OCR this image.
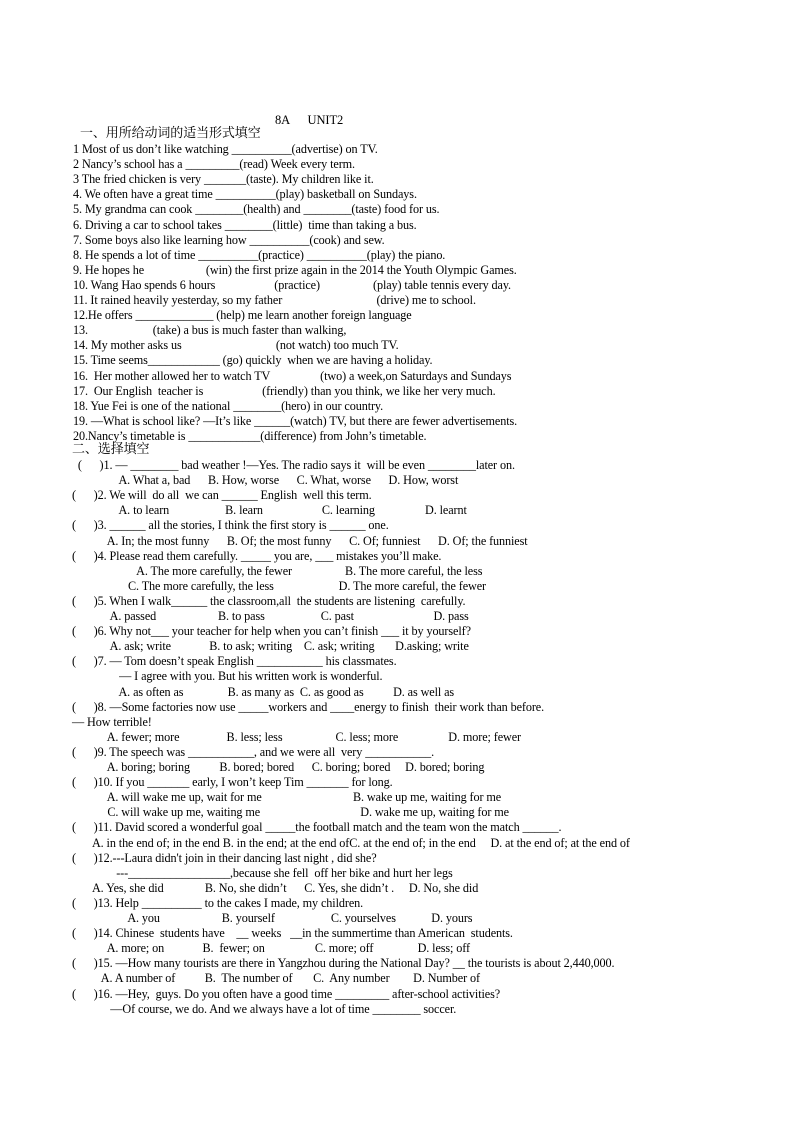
8A      UNIT2
一、用所给动词的适当形式填空
1 Most of us don’t like watching __________(advertise) on TV.
2 Nancy’s school has a _________(read) Week every term.
3 The fried chicken is very _______(taste). My children like it.
4. We often have a great time __________(play) basketball on Sundays.
5. My grandma can cook ________(health) and ________(taste) food for us.
6. Driving a car to school takes ________(little)  time than taking a bus.
7. Some boys also like learning how __________(cook) and sew.
8. He spends a lot of time __________(practice) __________(play) the piano.
9. He hopes he                     (win) the first prize again in the 2014 the Youth Olympic Games.
10. Wang Hao spends 6 hours                    (practice)                  (play) table tennis every day.
11. It rained heavily yesterday, so my father                                (drive) me to school.
12.He offers _____________ (help) me learn another foreign language
13.                      (take) a bus is much faster than walking,
14. My mother asks us                                (not watch) too much TV.
15. Time seems____________ (go) quickly  when we are having a holiday.
16.  Her mother allowed her to watch TV                 (two) a week,on Saturdays and Sundays
17.  Our English  teacher is                    (friendly) than you think, we like her very much.
18. Yue Fei is one of the national ________(hero) in our country.
19. —What is school like? —It’s like ______(watch) TV, but there are fewer advertisements.
20.Nancy’s timetable is ____________(difference) from John’s timetable.
(      )1. — ________ bad weather !—Yes. The radio says it  will be even ________later on.
A. What a, bad      B. How, worse      C. What, worse      D. How, worst
(      )2. We will  do all  we can ______ English  well this term.
A. to learn                   B. learn                    C. learning                 D. learnt
(      )3. ______ all the stories, I think the first story is ______ one.
A. In; the most funny      B. Of; the most funny      C. Of; funniest      D. Of; the funniest
(      )4. Please read them carefully. _____ you are, ___ mistakes you’ll make.
A. The more carefully, the fewer                  B. The more careful, the less
C. The more carefully, the less                      D. The more careful, the fewer
(      )5. When I walk______ the classroom,all  the students are listening  carefully.
A. passed                     B. to pass                   C. past                           D. pass
(      )6. Why not___ your teacher for help when you can’t finish ___ it by yourself?
A. ask; write             B. to ask; writing    C. ask; writing       D.asking; write
(      )7. — Tom doesn’t speak English ___________ his classmates.
— I agree with you. But his written work is wonderful.
A. as often as               B. as many as  C. as good as          D. as well as
(      )8. —Some factories now use _____workers and ____energy to finish  their work than before.
— How terrible!
A. fewer; more                B. less; less                  C. less; more                 D. more; fewer
(      )9. The speech was ___________, and we were all  very ___________.
A. boring; boring          B. bored; bored      C. boring; bored     D. bored; boring
(      )10. If you _______ early, I won’t keep Tim _______ for long.
A. will wake me up, wait for me                               B. wake up me, waiting for me
C. will wake up me, waiting me                                  D. wake me up, waiting for me
(      )11. David scored a wonderful goal _____the football match and the team won the match ______.
A. in the end of; in the end B. in the end; at the end ofC. at the end of; in the end     D. at the end of; at the end of
(      )12.---Laura didn't join in their dancing last night , did she?
---_________________,because she fell  off her bike and hurt her legs
A. Yes, she did              B. No, she didn’t      C. Yes, she didn’t .     D. No, she did
(      )13. Help __________ to the cakes I made, my children.
A. you                     B. yourself                   C. yourselves            D. yours
(      )14. Chinese  students have    __ weeks   __in the summertime than American  students.
A. more; on             B.  fewer; on                 C. more; off               D. less; off
(      )15. —How many tourists are there in Yangzhou during the National Day? __ the tourists is about 2,440,000.
A. A number of          B.  The number of       C.  Any number        D. Number of
(      )16. —Hey,  guys. Do you often have a good time _________ after-school activities?
—Of course, we do. And we always have a lot of time ________ soccer.
二、选择填空
